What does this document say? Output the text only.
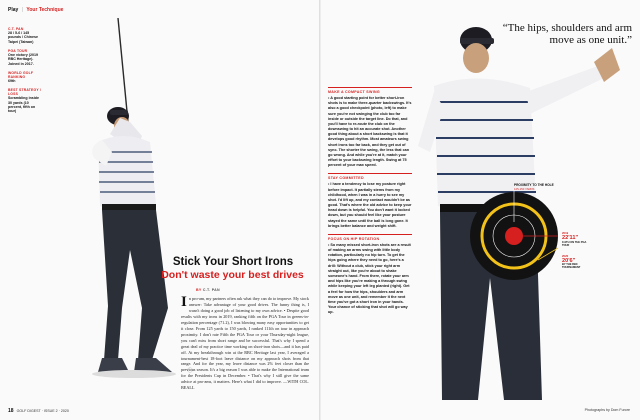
Play | Your Technique
C.T. PAN
28 / 5-6 / 145 pounds / Chinese Taipei (Taiwan)
PGA TOUR
One victory (2019 RBC Heritage). Joined in 2017.
WORLD GOLF RANKING
69th
BEST STRATEGY / LOSS
Scrambling inside 30 yards (10 percent, fifth on tour)
Stick Your Short Irons
Don't waste your best drives
BY C.T. PAN
I n pro-am, my partners often ask what they can do to improve. My stock answer: Take advantage of your good drives. The funny thing is, I wasn't doing a good job of listening to my own advice. • Despite good results with my irons in 2019, ranking fifth on the PGA Tour in greens-in-regulation percentage (71.2), I was blowing many easy opportunities to get it close. From 125 yards to 150 yards, I ranked 111th on tour in approach proximity. I don't rate Fifth the PGA Tour or your Thursday-night league, you can't miss from short range and be successful. That's why I spend a great deal of my practice time working on short-iron shots—and it has paid off. At my breakthrough win at the RBC Heritage last year, I averaged a tournament-best 18-foot leave distance on my approach shots from that range. And for the year, my leave distance was 2% feet closer than the previous season. It's a big reason I was able to make the International team for the Presidents Cup in December. • That's why I still give the same advice at pro-ams, it matters. Here's what I did to improve. —WITH COL. BEALL
18 GOLF DIGEST · ISSUE 2 · 2020
“The hips, shoulders and arm move as one unit.”
MAKE A COMPACT SWING
• A good starting point for better short-iron shots is to make three-quarter backswings. It's also a good checkpoint (photo, left) to make sure you're not swinging the club too far inside or outside the target line. Do that, and you'll have to re-route the club on the downswing to hit an accurate shot. Another good thing about a short backswing is that it develops good rhythm. Most amateurs swing short irons too far back, and they get out of sync. The shorter the swing, the less that can go wrong. And while you're at it, match your effort to your backswing length. Swing at 75 percent of your max speed.
STAY COMMITTED
• I have a tendency to lose my posture right before impact. It partially stems from my childhood, when I was in a hurry to see my shot. I'd lift up, and my contact wouldn't be as good. That's where the old advice to keep your head down is helpful. You don't want it locked down, but you should feel like your posture stayed the same until the ball is long gone. It brings better balance and weight shift.
FOCUS ON HIP ROTATION
• So many missed short-iron shots are a result of making an arms swing with little body rotation, particularly no hip turn. To get the hips going where they need to go, here's a drill: Without a club, stick your right arm straight out, like you're about to shake someone's hand. From there, rotate your arm and hips like you're making a through swing while keeping your left leg planted (right). Get a feel for how the hips, shoulders and arm move as one unit, and remember it the next time you've got a short iron in your hands. Your chance of sticking that shot will go way up.
PROXIMITY TO THE HOLE
125-150 YARDS
2019
22'11"
111TH ON THE PGA TOUR
2020
20'6"
BY THE RBC TOURNAMENT
Photographs by Dom Furore
